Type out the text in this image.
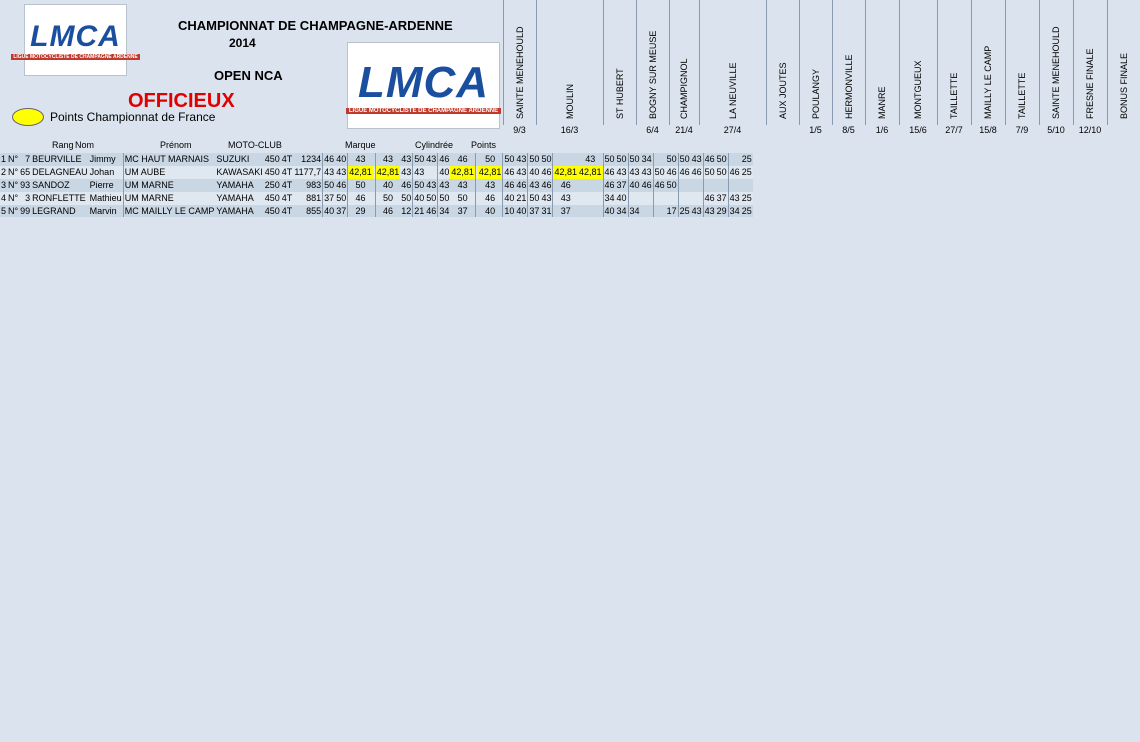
LMCA
LIGUE MOTOCYCLISTE DE CHAMPAGNE ARDENNE
LMCA
LIGUE MOTOCYCLISTE DE CHAMPAGNE ARDENNE
CHAMPIONNAT DE CHAMPAGNE-ARDENNE
2014
OPEN NCA
OFFICIEUX
Points Championnat de France	SAINTE MENEHOULD
9/3
MOULIN
16/3
ST HUBERT	BOGNY SUR MEUSE
6/4
CHAMPIGNOL
21/4
LA NEUVILLE
27/4
AUX JOUTES	POULANGY
1/5
HERMONVILLE
8/5
MANRE
1/6
MONTGUEUX
15/6
TAILLETTE
27/7
MAILLY LE CAMP
15/8
TAILLETTE
7/9
SAINTE MENEHOULD
5/10
FRESNE FINALE
12/10
BONUS FINALE
Rang Nom	Prénom	MOTO-CLUB	Marque	Cylindrée Points
1	N°	7	BEURVILLE	Jimmy	MC HAUT MARNAIS	SUZUKI	450	4T	1234	46	40	43		43	43	50	43	46	46		50	50	43	50	50		43	50	50	50	34		50	50	43	46	50		25
2	N°	65	DELAGNEAU	Johan	UM AUBE	KAWASAKI	450	4T	1177,7	43	43	42,81		42,81	43	43		40	42,81		42,81	46	43	40	46	42,81	42,81	46	43	43	43	50	46	46	46	50	50	46	25
3	N°	93	SANDOZ	Pierre	UM MARNE	YAMAHA	250	4T	983	50	46	50		40	46	50	43	43	43		43	46	46	43	46	46		46	37	40	46	46	50						
4	N°	3	RONFLETTE	Mathieu	UM MARNE	YAMAHA	450	4T	881	37	50	46		50	50	40	50	50	50		46	40	21	50	43	43		34	40							46	37	43	25
5	N°	99	LEGRAND	Marvin	MC MAILLY LE CAMP	YAMAHA	450	4T	855	40	37	29		46	12	21	46	34	37		40	10	40	37	31	37		40	34	34			17	25	43	43	29	34	25
